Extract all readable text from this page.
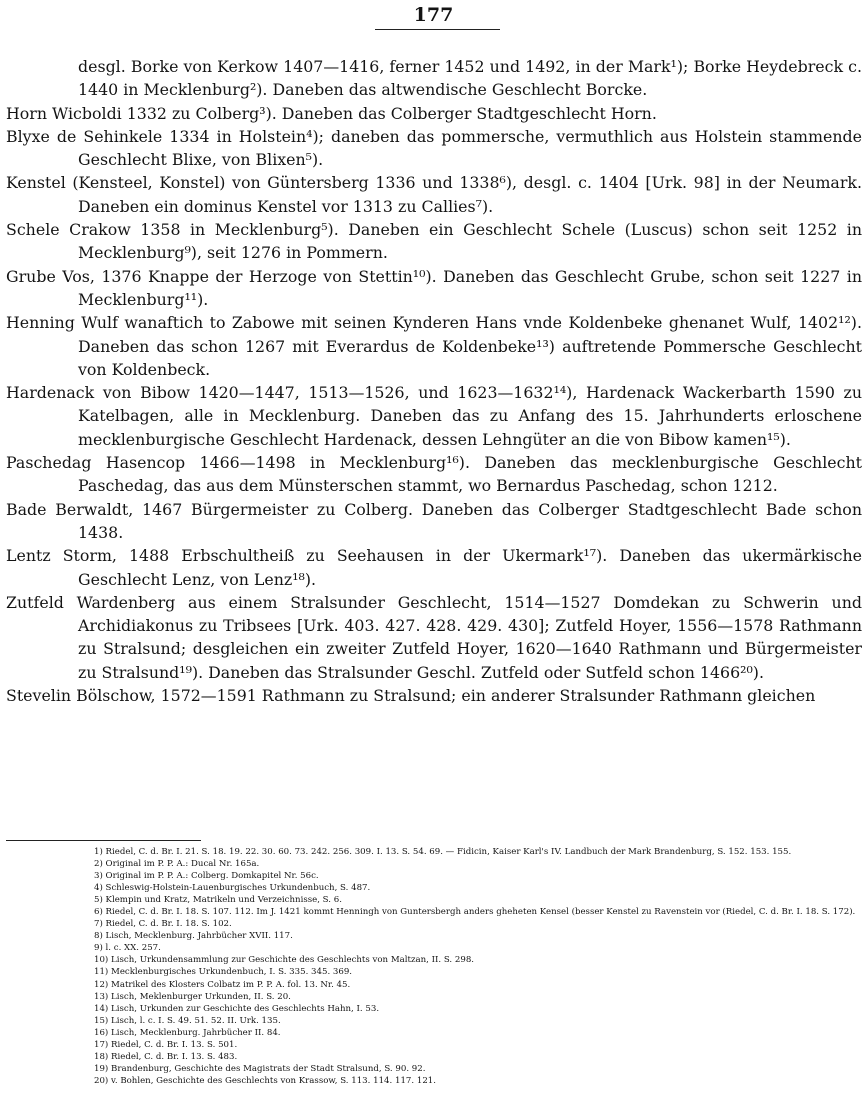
177

desgl. Borke von Kerkow 1407—1416, ferner 1452 und 1492, in der Mark¹); Borke Heydebreck c. 1440 in Mecklenburg²). Daneben das altwendische Geschlecht Borcke.

Horn Wicboldi 1332 zu Colberg³). Daneben das Colberger Stadtgeschlecht Horn.

Blyxe de Sehinkele 1334 in Holstein⁴); daneben das pommersche, vermuthlich aus Holstein stammende Geschlecht Blixe, von Blixen⁵).

Kenstel (Kensteel, Konstel) von Güntersberg 1336 und 1338⁶), desgl. c. 1404 [Urk. 98] in der Neumark. Daneben ein dominus Kenstel vor 1313 zu Callies⁷).

Schele Crakow 1358 in Mecklenburg⁵). Daneben ein Geschlecht Schele (Luscus) schon seit 1252 in Mecklenburg⁹), seit 1276 in Pommern.

Grube Vos, 1376 Knappe der Herzoge von Stettin¹⁰). Daneben das Geschlecht Grube, schon seit 1227 in Mecklenburg¹¹).

Henning Wulf wanaftich to Zabowe mit seinen Kynderen Hans vnde Koldenbeke ghenanet Wulf, 1402¹²). Daneben das schon 1267 mit Everardus de Koldenbeke¹³) auftretende Pommersche Geschlecht von Koldenbeck.

Hardenack von Bibow 1420—1447, 1513—1526, und 1623—1632¹⁴), Hardenack Wackerbarth 1590 zu Katelbagen, alle in Mecklenburg. Daneben das zu Anfang des 15. Jahrhunderts erloschene mecklenburgische Geschlecht Hardenack, dessen Lehngüter an die von Bibow kamen¹⁵).

Paschedag Hasencop 1466—1498 in Mecklenburg¹⁶). Daneben das mecklenburgische Geschlecht Paschedag, das aus dem Münsterschen stammt, wo Bernardus Paschedag, schon 1212.

Bade Berwaldt, 1467 Bürgermeister zu Colberg. Daneben das Colberger Stadtgeschlecht Bade schon 1438.

Lentz Storm, 1488 Erbschultheiß zu Seehausen in der Ukermark¹⁷). Daneben das ukermärkische Geschlecht Lenz, von Lenz¹⁸).

Zutfeld Wardenberg aus einem Stralsunder Geschlecht, 1514—1527 Domdekan zu Schwerin und Archidiakonus zu Tribsees [Urk. 403. 427. 428. 429. 430]; Zutfeld Hoyer, 1556—1578 Rathmann zu Stralsund; desgleichen ein zweiter Zutfeld Hoyer, 1620—1640 Rathmann und Bürgermeister zu Stralsund¹⁹). Daneben das Stralsunder Geschl. Zutfeld oder Sutfeld schon 1466²⁰).

Stevelin Bölschow, 1572—1591 Rathmann zu Stralsund; ein anderer Stralsunder Rathmann gleichen

1) Riedel, C. d. Br. I. 21. S. 18. 19. 22. 30. 60. 73. 242. 256. 309. I. 13. S. 54. 69. — Fidicin, Kaiser Karl's IV. Landbuch der Mark Brandenburg, S. 152. 153. 155.

2) Original im P. P. A.: Ducal Nr. 165a.

3) Original im P. P. A.: Colberg. Domkapitel Nr. 56c.

4) Schleswig-Holstein-Lauenburgisches Urkundenbuch, S. 487.

5) Klempin und Kratz, Matrikeln und Verzeichnisse, S. 6.

6) Riedel, C. d. Br. I. 18. S. 107. 112. Im J. 1421 kommt Henningh von Guntersbergh anders gheheten Kensel (besser Kenstel zu Ravenstein vor (Riedel, C. d. Br. I. 18. S. 172).

7) Riedel, C. d. Br. I. 18. S. 102.

8) Lisch, Mecklenburg. Jahrbücher XVII. 117.

9) l. c. XX. 257.

10) Lisch, Urkundensammlung zur Geschichte des Geschlechts von Maltzan, II. S. 298.

11) Mecklenburgisches Urkundenbuch, I. S. 335. 345. 369.

12) Matrikel des Klosters Colbatz im P. P. A. fol. 13. Nr. 45.

13) Lisch, Meklenburger Urkunden, II. S. 20.

14) Lisch, Urkunden zur Geschichte des Geschlechts Hahn, I. 53.

15) Lisch, l. c. I. S. 49. 51. 52. II. Urk. 135.

16) Lisch, Mecklenburg. Jahrbücher II. 84.

17) Riedel, C. d. Br. I. 13. S. 501.

18) Riedel, C. d. Br. I. 13. S. 483.

19) Brandenburg, Geschichte des Magistrats der Stadt Stralsund, S. 90. 92.

20) v. Bohlen, Geschichte des Geschlechts von Krassow, S. 113. 114. 117. 121.
